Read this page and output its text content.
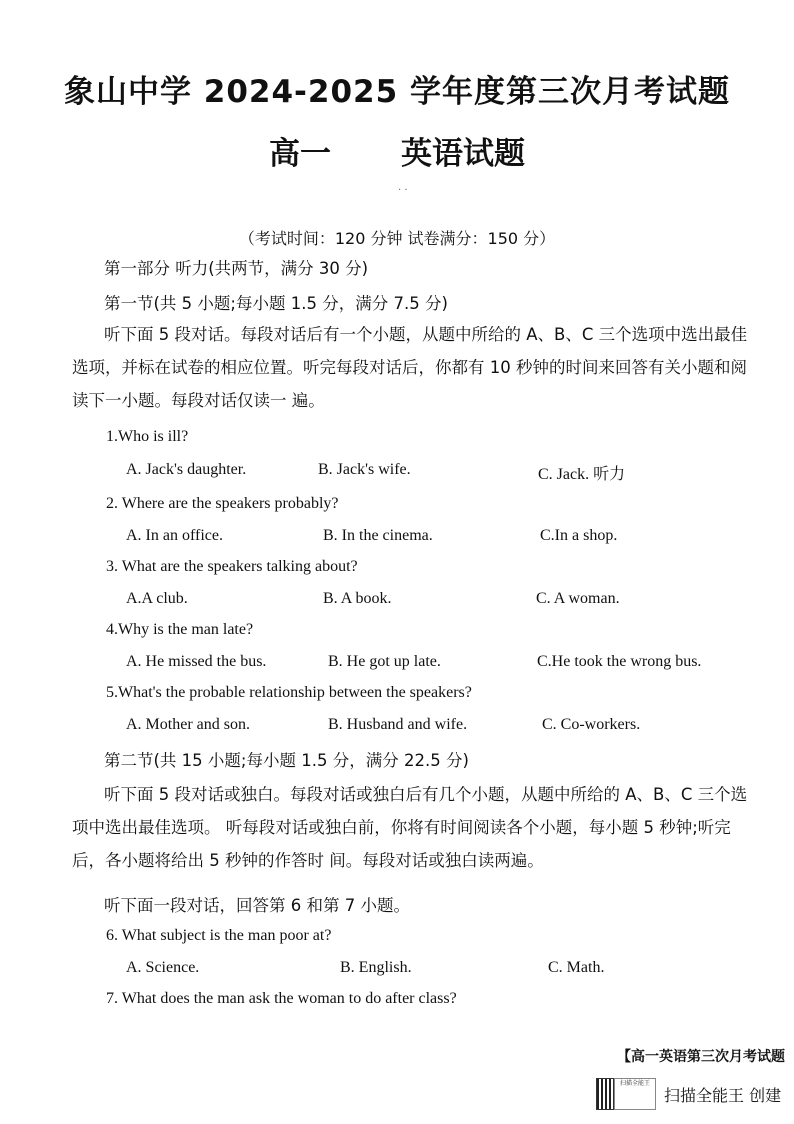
象山中学 2024-2025 学年度第三次月考试题
高一 英语试题
. .
（考试时间：120 分钟 试卷满分：150 分）
第一部分 听力(共两节，满分 30 分)
第一节(共 5 小题;每小题 1.5 分，满分 7.5 分)
听下面 5 段对话。每段对话后有一个小题，从题中所给的 A、B、C 三个选项中选出最佳选项，并标在试卷的相应位置。听完每段对话后，你都有 10 秒钟的时间来回答有关小题和阅读下一小题。每段对话仅读一 遍。
1.Who is ill?
A. Jack's daughter.	B. Jack's wife.	C. Jack. 听力
2. Where are the speakers probably?
A. In an office.	B. In the cinema.	C.In a shop.
3. What are the speakers talking about?
A.A club.	B. A book.	C. A woman.
4.Why is the man late?
A. He missed the bus.	B. He got up late.	C.He took the wrong bus.
5.What's the probable relationship between the speakers?
A. Mother and son.	B. Husband and wife.	C. Co-workers.
第二节(共 15 小题;每小题 1.5 分，满分 22.5 分)
听下面 5 段对话或独白。每段对话或独白后有几个小题，从题中所给的 A、B、C 三个选项中选出最佳选项。 听每段对话或独白前，你将有时间阅读各个小题，每小题 5 秒钟;听完后，各小题将给出 5 秒钟的作答时 间。每段对话或独白读两遍。
听下面一段对话，回答第 6 和第 7 小题。
6. What subject is the man poor at?
A. Science.	B. English.	C. Math.
7. What does the man ask the woman to do after class?
【高一英语第三次月考试题
扫描全能王
扫描全能王 创建
